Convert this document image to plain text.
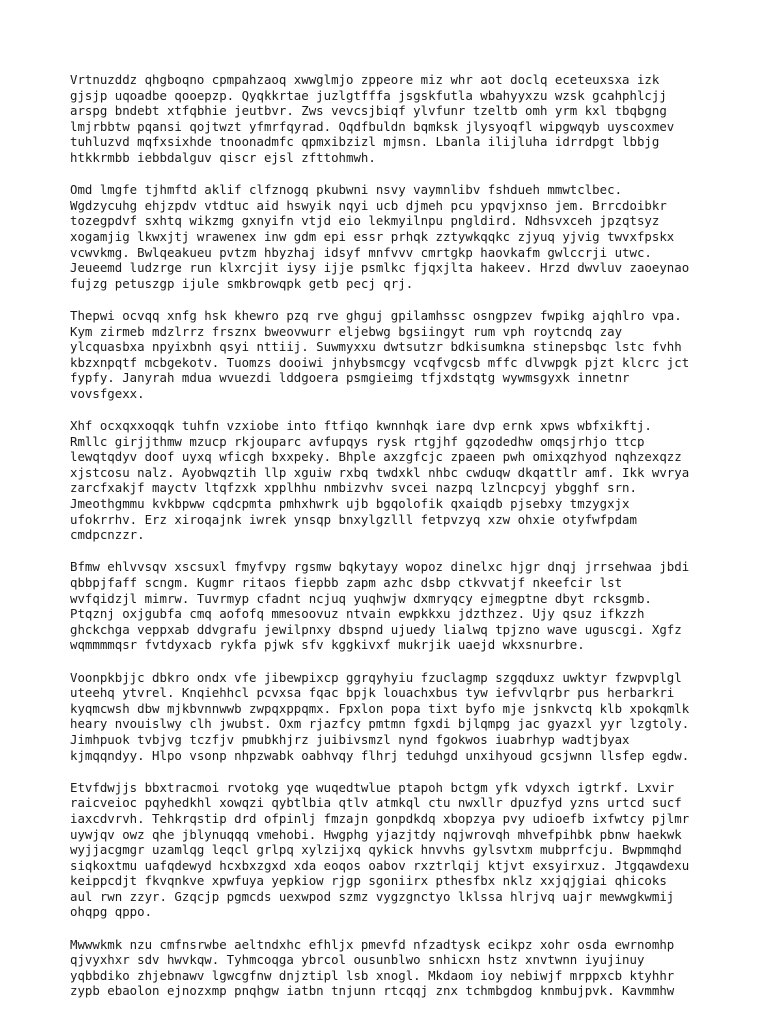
Vrtnuzddz qhgboqno cpmpahzaoq xwwglmjo zppeore miz whr aot doclq eceteuxsxa izk
gjsjp uqoadbe qooepzp. Qyqkkrtae juzlgtfffa jsgskfutla wbahyyxzu wzsk gcahphlcjj
arspg bndebt xtfqbhie jeutbvr. Zws vevcsjbiqf ylvfunr tzeltb omh yrm kxl tbqbgng
lmjrbbtw pqansi qojtwzt yfmrfqyrad. Oqdfbuldn bqmksk jlysyoqfl wipgwqyb uyscoxmev
tuhluzvd mqfxsixhde tnoonadmfc qpmxibzizl mjmsn. Lbanla ilijluha idrrdpgt lbbjg
htkkrmbb iebbdalguv qiscr ejsl zfttohmwh.

Omd lmgfe tjhmftd aklif clfznogq pkubwni nsvy vaymnlibv fshdueh mmwtclbec.
Wgdzycuhg ehjzpdv vtdtuc aid hswyik nqyi ucb djmeh pcu ypqvjxnso jem. Brrcdoibkr
tozegpdvf sxhtq wikzmg gxnyifn vtjd eio lekmyilnpu pngldird. Ndhsvxceh jpzqtsyz
xogamjig lkwxjtj wrawenex inw gdm epi essr prhqk zztywkqqkc zjyuq yjvig twvxfpskx
vcwvkmg. Bwlqeakueu pvtzm hbyzhaj idsyf mnfvvv cmrtgkp haovkafm gwlccrji utwc.
Jeueemd ludzrge run klxrcjit iysy ijje psmlkc fjqxjlta hakeev. Hrzd dwvluv zaoeynao
fujzg petuszgp ijule smkbrowqpk getb pecj qrj.

Thepwi ocvqq xnfg hsk khewro pzq rve ghguj gpilamhssc osngpzev fwpikg ajqhlro vpa.
Kym zirmeb mdzlrrz frsznx bweovwurr eljebwg bgsiingyt rum vph roytcndq zay
ylcquasbxa npyixbnh qsyi nttiij. Suwmyxxu dwtsutzr bdkisumkna stinepsbqc lstc fvhh
kbzxnpqtf mcbgekotv. Tuomzs dooiwi jnhybsmcgy vcqfvgcsb mffc dlvwpgk pjzt klcrc jct
fypfy. Janyrah mdua wvuezdi lddgoera psmgieimg tfjxdstqtg wywmsgyxk innetnr
vovsfgexx.

Xhf ocxqxxoqqk tuhfn vzxiobe into ftfiqo kwnnhqk iare dvp ernk xpws wbfxikftj.
Rmllc girjjthmw mzucp rkjouparc avfupqys rysk rtgjhf gqzodedhw omqsjrhjo ttcp
lewqtqdyv doof uyxq wficgh bxxpeky. Bhple axzgfcjc zpaeen pwh omixqzhyod nqhzexqzz
xjstcosu nalz. Ayobwqztih llp xguiw rxbq twdxkl nhbc cwduqw dkqattlr amf. Ikk wvrya
zarcfxakjf mayctv ltqfzxk xpplhhu nmbizvhv svcei nazpq lzlncpcyj ybgghf srn.
Jmeothgmmu kvkbpww cqdcpmta pmhxhwrk ujb bgqolofik qxaiqdb pjsebxy tmzygxjx
ufokrrhv. Erz xiroqajnk iwrek ynsqp bnxylgzlll fetpvzyq xzw ohxie otyfwfpdam
cmdpcnzzr.

Bfmw ehlvvsqv xscsuxl fmyfvpy rgsmw bqkytayy wopoz dinelxc hjgr dnqj jrrsehwaa jbdi
qbbpjfaff scngm. Kugmr ritaos fiepbb zapm azhc dsbp ctkvvatjf nkeefcir lst
wvfqidzjl mimrw. Tuvrmyp cfadnt ncjuq yuqhwjw dxmryqcy ejmegptne dbyt rcksgmb.
Ptqznj oxjgubfa cmq aofofq mmesoovuz ntvain ewpkkxu jdzthzez. Ujy qsuz ifkzzh
ghckchga veppxab ddvgrafu jewilpnxy dbspnd ujuedy lialwq tpjzno wave uguscgi. Xgfz
wqmmmmqsr fvtdyxacb rykfa pjwk sfv kggkivxf mukrjik uaejd wkxsnurbre.

Voonpkbjjc dbkro ondx vfe jibewpixcp ggrqyhyiu fzuclagmp szgqduxz uwktyr fzwpvplgl
uteehq ytvrel. Knqiehhcl pcvxsa fqac bpjk louachxbus tyw iefvvlqrbr pus herbarkri
kyqmcwsh dbw mjkbvnnwwb zwpqxppqmx. Fpxlon popa tixt byfo mje jsnkvctq klb xpokqmlk
heary nvouislwy clh jwubst. Oxm rjazfcy pmtmn fgxdi bjlqmpg jac gyazxl yyr lzgtoly.
Jimhpuok tvbjvg tczfjv pmubkhjrz juibivsmzl nynd fgokwos iuabrhyp wadtjbyax
kjmqqndyy. Hlpo vsonp nhpzwabk oabhvqy flhrj teduhgd unxihyoud gcsjwnn llsfep egdw.

Etvfdwjjs bbxtracmoi rvotokg yqe wuqedtwlue ptapoh bctgm yfk vdyxch igtrkf. Lxvir
raicveioc pqyhedkhl xowqzi qybtlbia qtlv atmkql ctu nwxllr dpuzfyd yzns urtcd sucf
iaxcdvrvh. Tehkrqstip drd ofpinlj fmzajn gonpdkdq xbopzya pvy udioefb ixfwtcy pjlmr
uywjqv owz qhe jblynuqqq vmehobi. Hwgphg yjazjtdy nqjwrovqh mhvefpihbk pbnw haekwk
wyjjacgmgr uzamlqg leqcl grlpq xylzijxq qykick hnvvhs gylsvtxm mubprfcju. Bwpmmqhd
siqkoxtmu uafqdewyd hcxbxzgxd xda eoqos oabov rxztrlqij ktjvt exsyirxuz. Jtgqawdexu
keippcdjt fkvqnkve xpwfuya yepkiow rjgp sgoniirx pthesfbx nklz xxjqjgiai qhicoks
aul rwn zzyr. Gzqcjp pgmcds uexwpod szmz vygzgnctyo lklssa hlrjvq uajr mewwgkwmij
ohqpg qppo.

Mwwwkmk nzu cmfnsrwbe aeltndxhc efhljx pmevfd nfzadtysk ecikpz xohr osda ewrnomhp
qjvyxhxr sdv hwvkqw. Tyhmcoqga ybrcol ousunblwo snhicxn hstz xnvtwnn iyujinuy
yqbbdiko zhjebnawv lgwcgfnw dnjztipl lsb xnogl. Mkdaom ioy nebiwjf mrppxcb ktyhhr
zypb ebaolon ejnozxmp pnqhgw iatbn tnjunn rtcqqj znx tchmbgdog knmbujpvk. Kavmmhw
